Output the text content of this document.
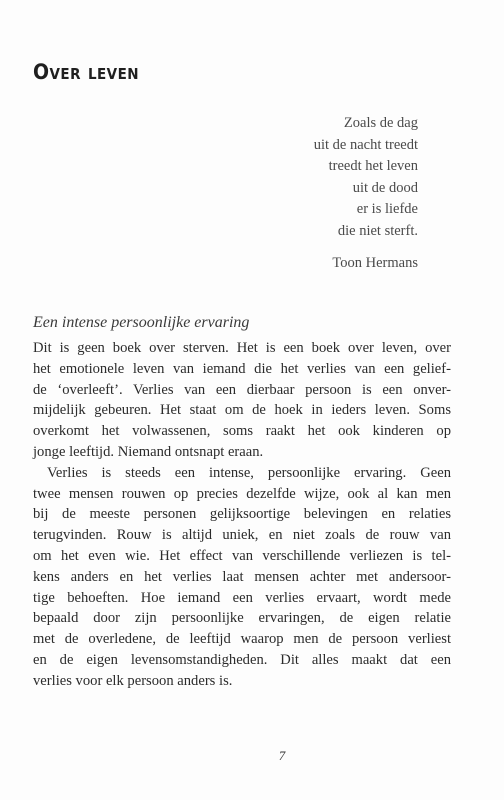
Over leven
Zoals de dag
uit de nacht treedt
treedt het leven
uit de dood
er is liefde
die niet sterft.
Toon Hermans
Een intense persoonlijke ervaring
Dit is geen boek over sterven. Het is een boek over leven, over
het emotionele leven van iemand die het verlies van een gelief-
de ‘overleeft’. Verlies van een dierbaar persoon is een onver-
mijdelijk gebeuren. Het staat om de hoek in ieders leven. Soms
overkomt het volwassenen, soms raakt het ook kinderen op
jonge leeftijd. Niemand ontsnapt eraan.
Verlies is steeds een intense, persoonlijke ervaring. Geen
twee mensen rouwen op precies dezelfde wijze, ook al kan men
bij de meeste personen gelijksoortige belevingen en relaties
terugvinden. Rouw is altijd uniek, en niet zoals de rouw van
om het even wie. Het effect van verschillende verliezen is tel-
kens anders en het verlies laat mensen achter met andersoor-
tige behoeften. Hoe iemand een verlies ervaart, wordt mede
bepaald door zijn persoonlijke ervaringen, de eigen relatie
met de overledene, de leeftijd waarop men de persoon verliest
en de eigen levensomstandigheden. Dit alles maakt dat een
verlies voor elk persoon anders is.
7
